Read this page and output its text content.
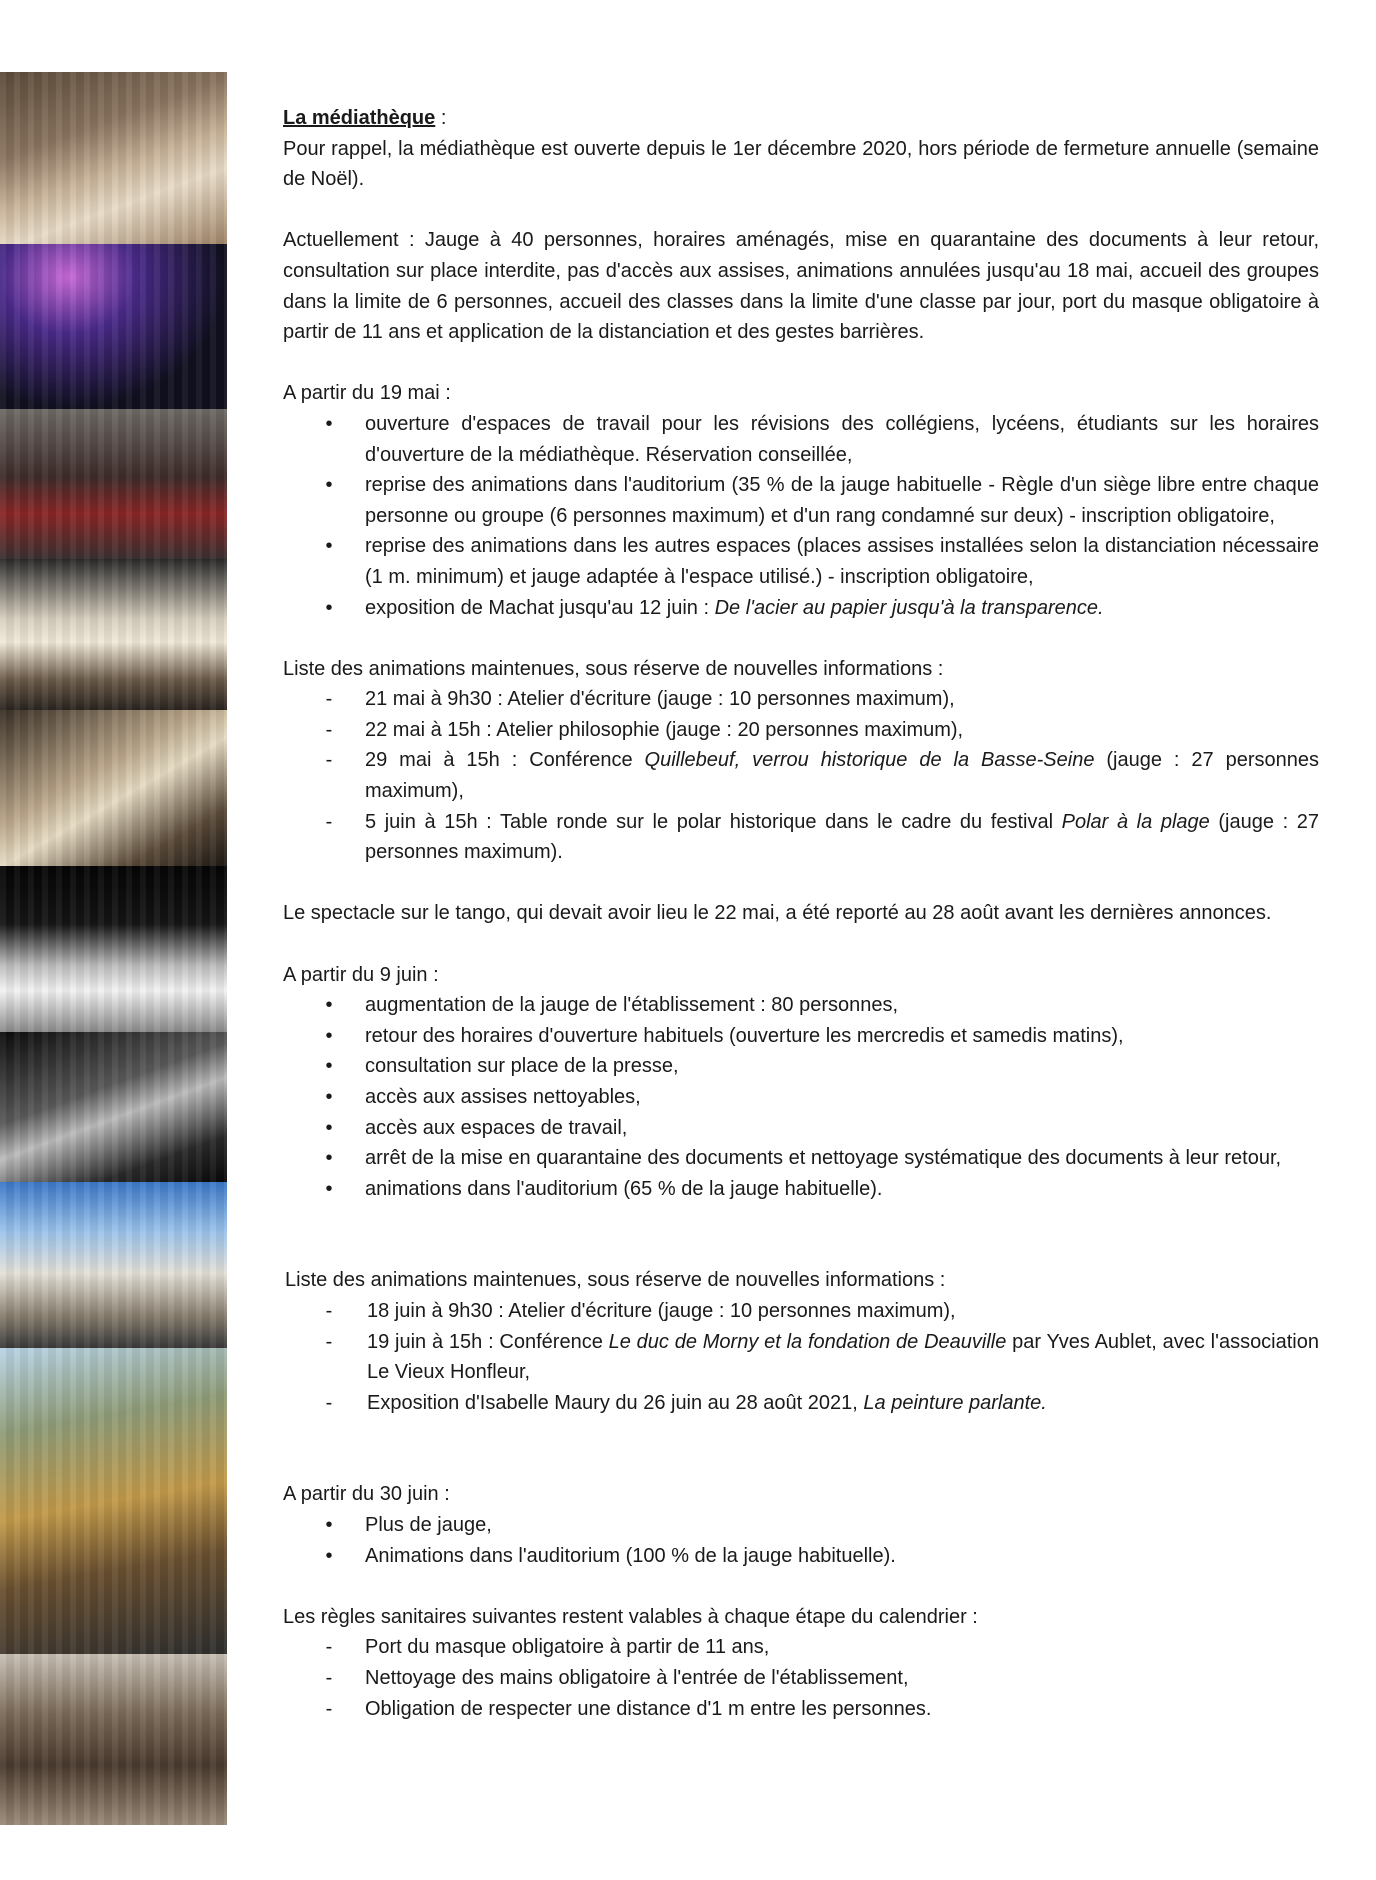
La médiathèque :

Pour rappel, la médiathèque est ouverte depuis le 1er décembre 2020, hors période de fermeture annuelle (semaine de Noël).

Actuellement : Jauge à 40 personnes, horaires aménagés, mise en quarantaine des documents à leur retour, consultation sur place interdite, pas d'accès aux assises, animations annulées jusqu'au 18 mai, accueil des groupes dans la limite de 6 personnes, accueil des classes dans la limite d'une classe par jour, port du masque obligatoire à partir de 11 ans et application de la distanciation et des gestes barrières.

A partir du 19 mai :

•
ouverture d'espaces de travail pour les révisions des collégiens, lycéens, étudiants sur les horaires d'ouverture de la médiathèque. Réservation conseillée,
•
reprise des animations dans l'auditorium (35 % de la jauge habituelle - Règle d'un siège libre entre chaque personne ou groupe (6 personnes maximum) et d'un rang condamné sur deux) - inscription obligatoire,
•
reprise des animations dans les autres espaces (places assises installées selon la distanciation nécessaire (1 m. minimum) et jauge adaptée à l'espace utilisé.) - inscription obligatoire,
•
exposition de Machat jusqu'au 12 juin : De l'acier au papier jusqu'à la transparence.

Liste des animations maintenues, sous réserve de nouvelles informations :

-
21 mai à 9h30 : Atelier d'écriture (jauge : 10 personnes maximum),
-
22 mai à 15h : Atelier philosophie (jauge : 20 personnes maximum),
-
29 mai à 15h : Conférence Quillebeuf, verrou historique de la Basse-Seine (jauge : 27 personnes maximum),
-
5 juin à 15h : Table ronde sur le polar historique dans le cadre du festival Polar à la plage (jauge : 27 personnes maximum).

Le spectacle sur le tango, qui devait avoir lieu le 22 mai, a été reporté au 28 août avant les dernières annonces.

A partir du 9 juin :

•
augmentation de la jauge de l'établissement : 80 personnes,
•
retour des horaires d'ouverture habituels (ouverture les mercredis et samedis matins),
•
consultation sur place de la presse,
•
accès aux assises nettoyables,
•
accès aux espaces de travail,
•
arrêt de la mise en quarantaine des documents et nettoyage systématique des documents à leur retour,
•
animations dans l'auditorium (65 % de la jauge habituelle).

Liste des animations maintenues, sous réserve de nouvelles informations :

-
18 juin à 9h30 : Atelier d'écriture (jauge : 10 personnes maximum),
-
19 juin à 15h : Conférence Le duc de Morny et la fondation de Deauville par Yves Aublet, avec l'association Le Vieux Honfleur,
-
Exposition d'Isabelle Maury du 26 juin au 28 août 2021, La peinture parlante.

A partir du 30 juin :

•
Plus de jauge,
•
Animations dans l'auditorium (100 % de la jauge habituelle).

Les règles sanitaires suivantes restent valables à chaque étape du calendrier :

-
Port du masque obligatoire à partir de 11 ans,
-
Nettoyage des mains obligatoire à l'entrée de l'établissement,
-
Obligation de respecter une distance d'1 m entre les personnes.
